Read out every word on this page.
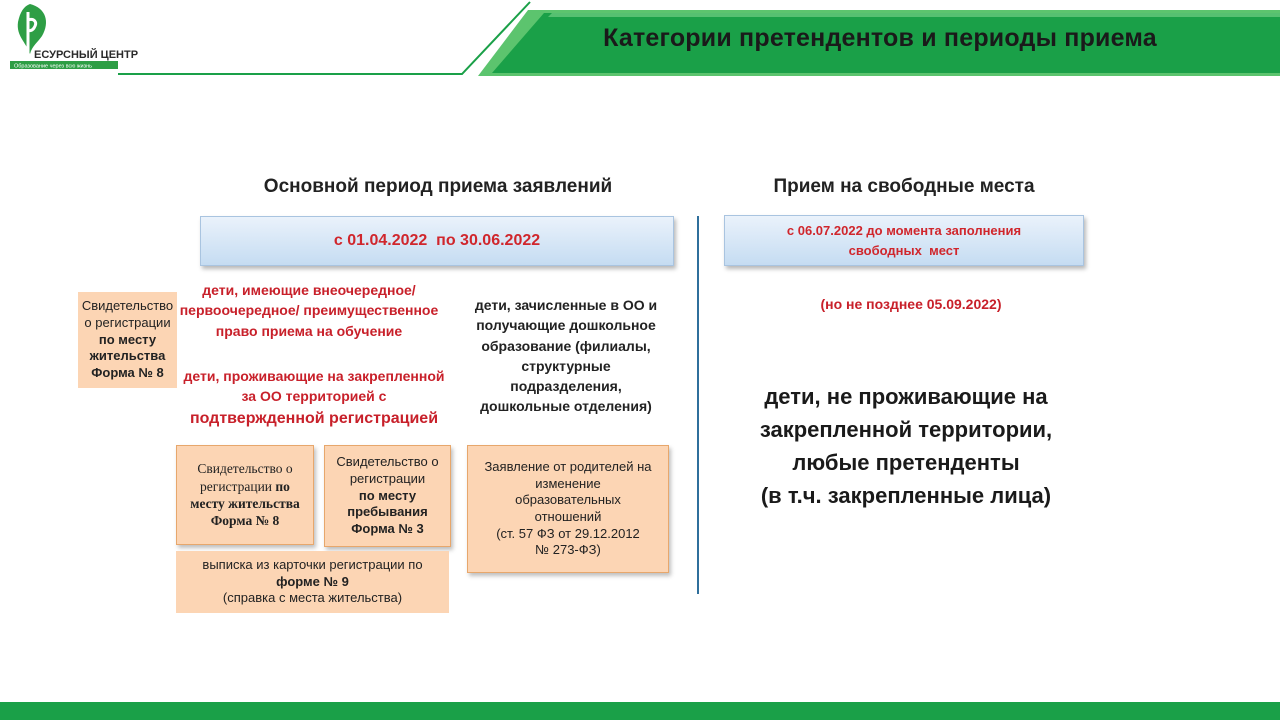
Категории претендентов и периоды приема
ЕСУРСНЫЙ ЦЕНТР
Образование через всю жизнь
Основной период приема заявлений	Прием на свободные места
с 01.04.2022  по 30.06.2022
с 06.07.2022 до момента заполнения свободных  мест
Свидетельство о регистрации
по месту жительства Форма № 8
дети, имеющие внеочередное/первоочередное/ преимущественное право приема на обучение
дети, проживающие на закрепленной за ОО территорией с
подтвержденной регистрацией
дети, зачисленные в ОО и получающие дошкольное образование (филиалы, структурные подразделения, дошкольные отделения)
Свидетельство о регистрации по
месту жительства Форма № 8
Свидетельство о регистрации
по месту пребывания Форма № 3
выписка из карточки регистрации по
форме № 9
(справка с места жительства)
Заявление от родителей на изменение образовательных отношений
(ст. 57 ФЗ от 29.12.2012
№ 273-ФЗ)
(но не позднее 05.09.2022)
дети, не проживающие на
закрепленной территории,
любые претенденты
(в т.ч. закрепленные лица)
